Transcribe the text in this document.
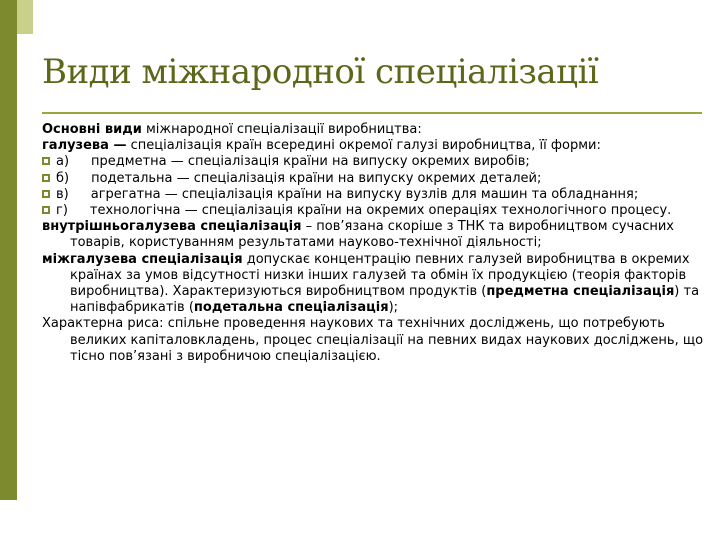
Види міжнародної спеціалізації

Основні види міжнародної спеціалізації виробництва:

галузева — спеціалізація країн всередині окремої галузі виробництва, її форми:

а) предметна — спеціалізація країни на випуску окремих виробів;

б) подетальна — спеціалізація країни на випуску окремих деталей;

в) агрегатна — спеціалізація країни на випуску вузлів для машин та обладнання;

г) технологічна — спеціалізація країни на окремих операціях технологічного процесу.

внутрішньогалузева спеціалізація – пов’язана скоріше з ТНК та виробництвом сучасних товарів, користуванням результатами науково-технічної діяльності;

міжгалузева спеціалізація допускає концентрацію певних галузей виробництва в окремих країнах за умов відсутності низки інших галузей та обмін їх продукцією (теорія факторів виробництва). Характеризуються виробництвом продуктів (предметна спеціалізація) та напівфабрикатів (подетальна спеціалізація);

Характерна риса: спільне проведення наукових та технічних досліджень, що потребують великих капіталовкладень, процес спеціалізації на певних видах наукових досліджень, що тісно пов’язані з виробничою спеціалізацією.
